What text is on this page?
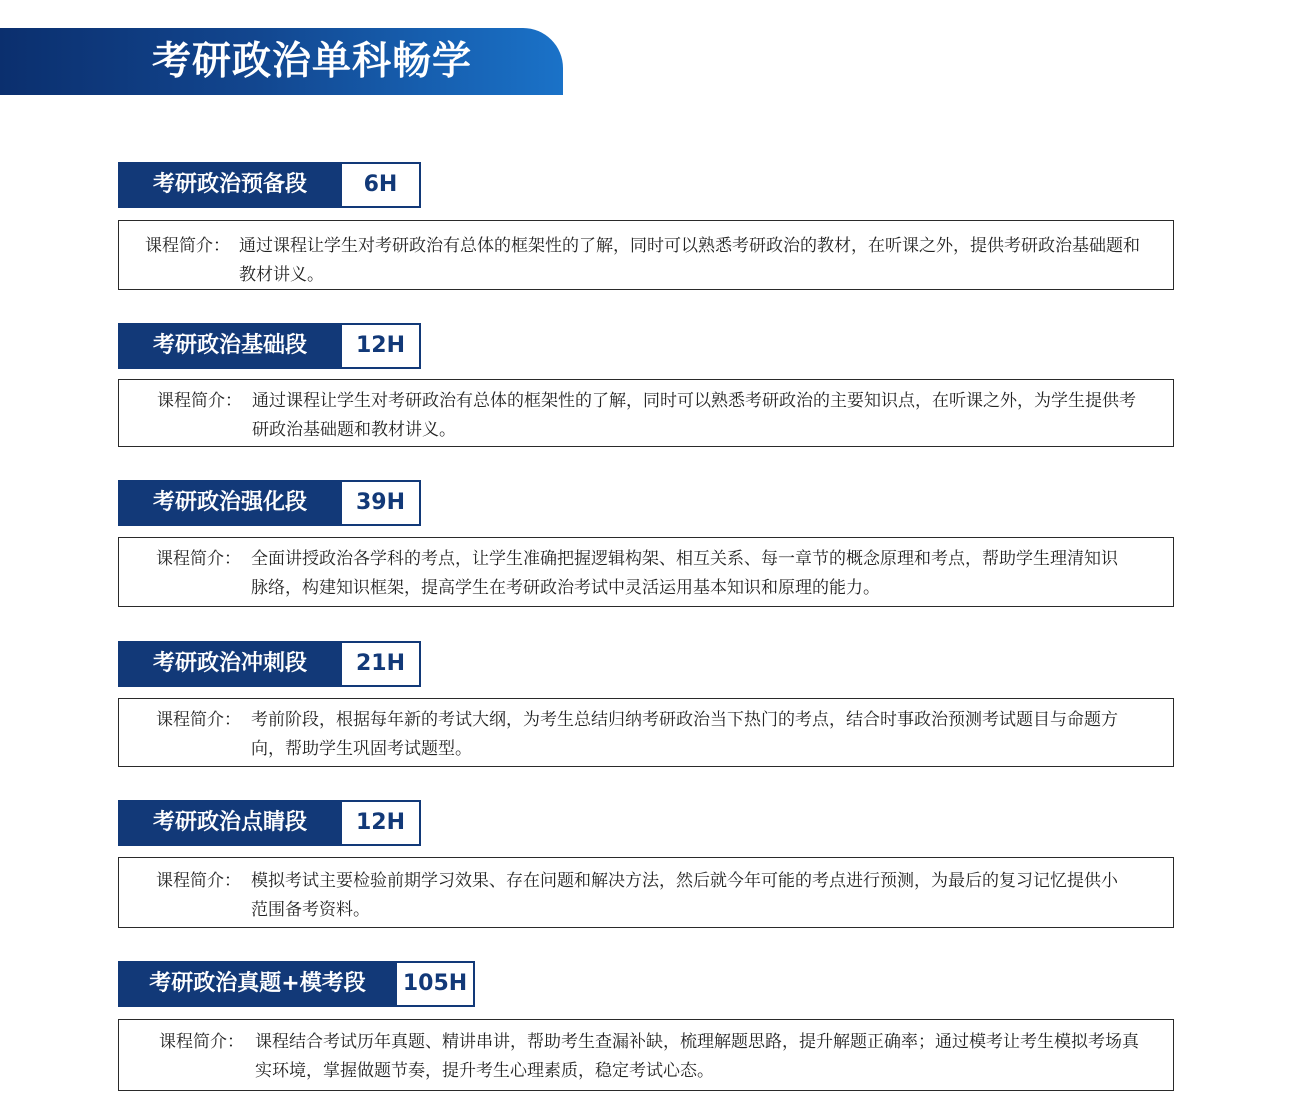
考研政治单科畅学
考研政治预备段	6H
课程简介： 通过课程让学生对考研政治有总体的框架性的了解，同时可以熟悉考研政治的教材，在听课之外，提供考研政治基础题和教材讲义。
考研政治基础段	12H
课程简介： 通过课程让学生对考研政治有总体的框架性的了解，同时可以熟悉考研政治的主要知识点，在听课之外，为学生提供考研政治基础题和教材讲义。
考研政治强化段	39H
课程简介： 全面讲授政治各学科的考点，让学生准确把握逻辑构架、相互关系、每一章节的概念原理和考点，帮助学生理清知识脉络，构建知识框架，提高学生在考研政治考试中灵活运用基本知识和原理的能力。
考研政治冲刺段	21H
课程简介： 考前阶段，根据每年新的考试大纲，为考生总结归纳考研政治当下热门的考点，结合时事政治预测考试题目与命题方向，帮助学生巩固考试题型。
考研政治点睛段	12H
课程简介： 模拟考试主要检验前期学习效果、存在问题和解决方法，然后就今年可能的考点进行预测，为最后的复习记忆提供小范围备考资料。
考研政治真题+模考段	105H
课程简介： 课程结合考试历年真题、精讲串讲，帮助考生查漏补缺，梳理解题思路，提升解题正确率；通过模考让考生模拟考场真实环境，掌握做题节奏，提升考生心理素质，稳定考试心态。
